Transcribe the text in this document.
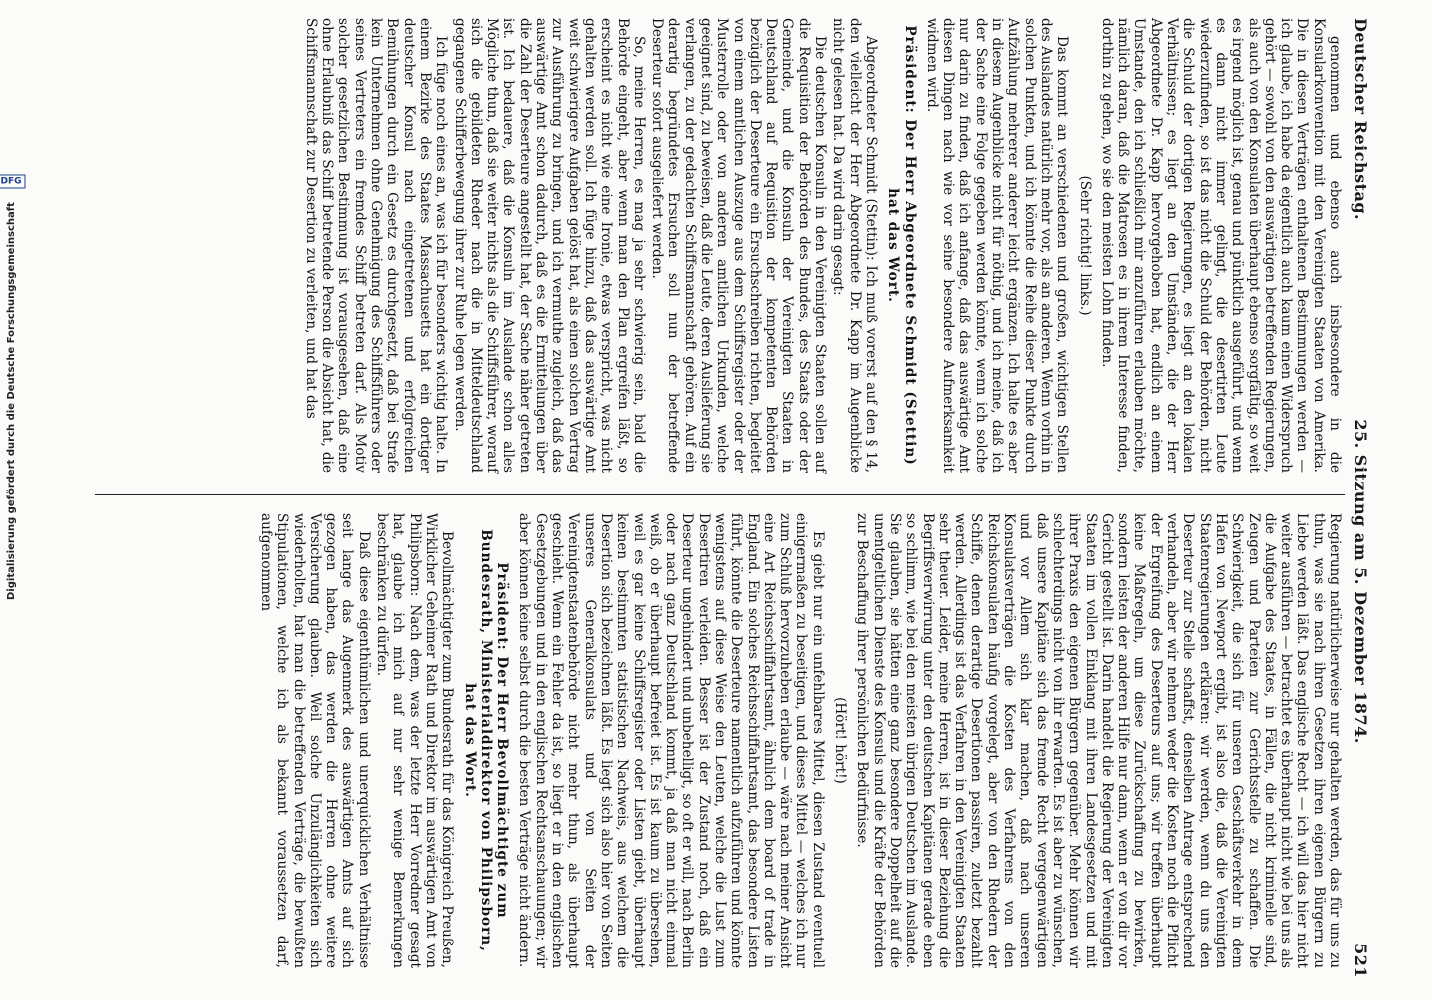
Digitalisierung gefördert durch die Deutsche Forschungsgemeinschaft
DFG	Deutscher Reichstag.
25. Sitzung am 5. Dezember 1874.
521

genommen und ebenso auch insbesondere in die Konsularkonvention mit den Vereinigten Staaten von Amerika. Die in diesen Verträgen enthaltenen Bestimmungen werden — ich glaube, ich habe da eigentlich auch kaum einen Widerspruch gehört — sowohl von den auswärtigen betreffenden Regierungen, als auch von den Konsulaten überhaupt ebenso sorgfältig, so weit es irgend möglich ist, genau und pünktlich ausgeführt, und wenn es dann nicht immer gelingt, die desertirten Leute wiederzufinden, so ist das nicht die Schuld der Behörden, nicht die Schuld der dortigen Regierungen, es liegt an den lokalen Verhältnissen; es liegt an den Umständen, die der Herr Abgeordnete Dr. Kapp hervorgehoben hat, endlich an einem Umstande, den ich schließlich mir anzuführen erlauben möchte, nämlich daran, daß die Matrosen es in ihrem Interesse finden, dorthin zu gehen, wo sie den meisten Lohn finden.

(Sehr richtig! links.)

Das kommt an verschiedenen und großen, wichtigen Stellen des Auslandes natürlich mehr vor, als an anderen. Wenn vorhin in solchen Punkten, und ich könnte die Reihe dieser Punkte durch Aufzählung mehrerer anderer leicht ergänzen. Ich halte es aber in diesem Augenblicke nicht für nöthig, und ich meine, daß ich der Sache eine Folge gegeben werden könnte, wenn ich solche nur darin zu finden, daß ich anfange, daß das auswärtige Amt diesen Dingen nach wie vor seine besondere Aufmerksamkeit widmen wird.

Präsident: Der Herr Abgeordnete Schmidt (Stettin) hat das Wort.

Abgeordneter Schmidt (Stettin): Ich muß vorerst auf den § 14, den vielleicht der Herr Abgeordnete Dr. Kapp im Augenblicke nicht gelesen hat. Da wird darin gesagt:

Die deutschen Konsuln in den Vereinigten Staaten sollen auf die Requisition der Behörden des Bundes, des Staats oder der Gemeinde, und die Konsuln der Vereinigten Staaten in Deutschland auf Requisition der kompetenten Behörden bezüglich der Deserteure ein Ersuchschreiben richten, begleitet von einem amtlichen Auszuge aus dem Schiffsregister oder der Musterrolle oder von anderen amtlichen Urkunden, welche geeignet sind, zu beweisen, daß die Leute, deren Auslieferung sie verlangen, zu der gedachten Schiffsmannschaft gehören. Auf ein derartig begründetes Ersuchen soll nun der betreffende Deserteur sofort ausgeliefert werden.

So, meine Herren, es mag ja sehr schwierig sein, bald die Behörde eingeht, aber wenn man den Plan ergreifen läßt, so erscheint es nicht wie eine Ironie, etwas verspricht, was nicht gehalten werden soll. Ich füge hinzu, daß das auswärtige Amt weit schwierigere Aufgaben gelöst hat, als einen solchen Vertrag zur Ausführung zu bringen, und ich vermuthe zugleich, daß das auswärtige Amt schon dadurch, daß es die Ermittelungen über die Zahl der Deserteure angestellt hat, der Sache näher getreten ist. Ich bedauere, daß die Konsuln im Auslande schon alles Mögliche thun, daß sie weiter nichts als die Schiffsführer, worauf sich die gebildeten Rheder nach die in Mitteldeutschland gegangene Schifferbewegung ihrer zur Ruhe legen werden.

Ich füge noch eines an, was ich für besonders wichtig halte. In einem Bezirke des Staates Massachusetts hat ein dortiger deutscher Konsul nach eingetretenen und erfolgreichen Bemühungen durch ein Gesetz es durchgesetzt, daß bei Strafe kein Unternehmen ohne Genehmigung des Schiffsführers oder seines Vertreters ein fremdes Schiff betreten darf. Als Motiv solcher gesetzlichen Bestimmung ist vorausgesehen, daß eine ohne Erlaubniß das Schiff betretende Person die Absicht hat, die Schiffsmannschaft zur Desertion zu verleiten, und hat das

Regierung natürlicherweise nur gehalten werden, das für uns zu thun, was sie nach ihren Gesetzen ihren eigenen Bürgern zu Liebe werden läßt. Das englische Recht — ich will das hier nicht weiter ausführen — betrachtet es überhaupt nicht wie bei uns als die Aufgabe des Staates, in Fällen, die nicht kriminelle sind, Zeugen und Parteien zur Gerichtsstelle zu schaffen. Die Schwierigkeit, die sich für unseren Geschäftsverkehr in dem Hafen von Newport ergibt, ist also die, daß die Vereinigten Staatenregierungen erklären: wir werden, wenn du uns den Deserteur zur Stelle schaffst, denselben Antrage entsprechend verhandeln, aber wir nehmen weder die Kosten noch die Pflicht der Ergreifung des Deserteurs auf uns; wir treffen überhaupt keine Maßregeln, um diese Zurückschaffung zu bewirken, sondern leisten der anderen Hilfe nur dann, wenn er von dir vor Gericht gestellt ist. Darin handelt die Regierung der Vereinigten Staaten im vollen Einklang mit ihren Landesgesetzen und mit ihrer Praxis den eigenen Bürgern gegenüber. Mehr können wir schlechterdings nicht von ihr erwarten. Es ist aber zu wünschen, daß unsere Kapitäne sich das fremde Recht vergegenwärtigen und vor Allem sich klar machen, daß nach unseren Konsulatsverträgen die Kosten des Verfahrens von den Reichskonsulaten häufig vorgelegt, aber von den Rhedern der Schiffe, denen derartige Desertionen passiren, zuletzt bezahlt werden. Allerdings ist das Verfahren in den Vereinigten Staaten sehr theuer. Leider, meine Herren, ist in dieser Beziehung die Begriffsverwirrung unter den deutschen Kapitänen gerade eben so schlimm, wie bei den meisten übrigen Deutschen im Auslande. Sie glauben, sie hätten eine ganz besondere Doppelheit auf die unentgeltlichen Dienste des Konsuls und die Kräfte der Behörden zur Beschaffung ihrer persönlichen Bedürfnisse.

(Hört! hört!)

Es giebt nur ein unfehlbares Mittel, diesen Zustand eventuell einigermaßen zu beseitigen, und dieses Mittel — welches ich nur zum Schluß hervorzuheben erlaube — wäre nach meiner Ansicht eine Art Reichsschiffahrtsamt, ähnlich dem board of trade in England. Ein solches Reichsschiffahrtsamt, das besondere Listen führt, könnte die Deserteure namentlich aufzuführen und könnte wenigstens auf diese Weise den Leuten, welche die Lust zum Desertiren verleiden. Besser ist der Zustand noch, daß ein Deserteur ungehindert und unbehelligt, so oft er will, nach Berlin oder nach ganz Deutschland kommt, ja daß man nicht einmal weiß, ob er überhaupt befreiet ist. Es ist kaum zu übersehen, weil es gar keine Schiffsregister oder Listen giebt, überhaupt keinen bestimmten statistischen Nachweis, aus welchem die Desertion sich bezeichnen läßt. Es liegt sich also hier von Seiten unseres Generalkonsulats und von Seiten der Vereinigtenstaatenbehörde nicht mehr thun, als überhaupt geschieht. Wenn ein Fehler da ist, so liegt er in den englischen Gesetzgebungen und in den englischen Rechtsanschauungen; wir aber können keine selbst durch die besten Verträge nicht ändern.

Präsident: Der Herr Bevollmächtigte zum Bundesrath, Ministerialdirektor von Philipsborn, hat das Wort.

Bevollmächtigter zum Bundesrath für das Königreich Preußen, Wirklicher Geheimer Rath und Direktor im auswärtigen Amt von Philipsborn: Nach dem, was der letzte Herr Vorredner gesagt hat, glaube ich mich auf nur sehr wenige Bemerkungen beschränken zu dürfen.

Daß diese eigenthümlichen und unerquicklichen Verhältnisse seit lange das Augenmerk des auswärtigen Amts auf sich gezogen haben, das werden die Herren ohne weitere Versicherung glauben. Weil solche Unzulänglichkeiten sich wiederholten, hat man die betreffenden Verträge, die bewußten Stipulationen, welche ich als bekannt voraussetzen darf, aufgenommen
